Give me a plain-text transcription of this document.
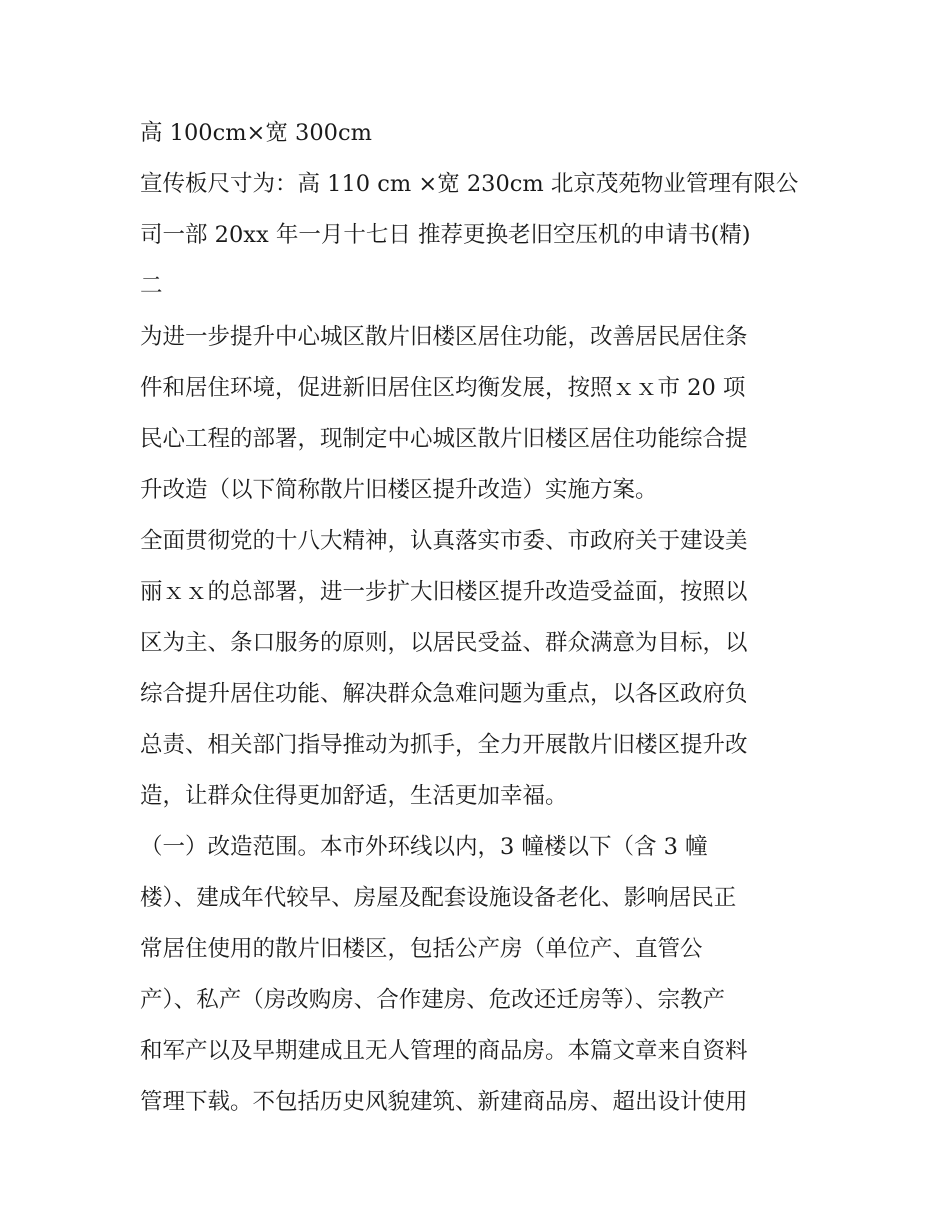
高 100cm×宽 300cm

宣传板尺寸为：高 110 cm ×宽 230cm 北京茂苑物业管理有限公

司一部 20xx 年一月十七日 推荐更换老旧空压机的申请书(精)

二

为进一步提升中心城区散片旧楼区居住功能，改善居民居住条

件和居住环境，促进新旧居住区均衡发展，按照ｘｘ市 20 项

民心工程的部署，现制定中心城区散片旧楼区居住功能综合提

升改造（以下简称散片旧楼区提升改造）实施方案。

全面贯彻党的十八大精神，认真落实市委、市政府关于建设美

丽ｘｘ的总部署，进一步扩大旧楼区提升改造受益面，按照以

区为主、条口服务的原则，以居民受益、群众满意为目标，以

综合提升居住功能、解决群众急难问题为重点，以各区政府负

总责、相关部门指导推动为抓手，全力开展散片旧楼区提升改

造，让群众住得更加舒适，生活更加幸福。

（一）改造范围。本市外环线以内，3 幢楼以下（含 3 幢

楼）、建成年代较早、房屋及配套设施设备老化、影响居民正

常居住使用的散片旧楼区，包括公产房（单位产、直管公

产）、私产（房改购房、合作建房、危改还迁房等）、宗教产

和军产以及早期建成且无人管理的商品房。本篇文章来自资料

管理下载。不包括历史风貌建筑、新建商品房、超出设计使用
